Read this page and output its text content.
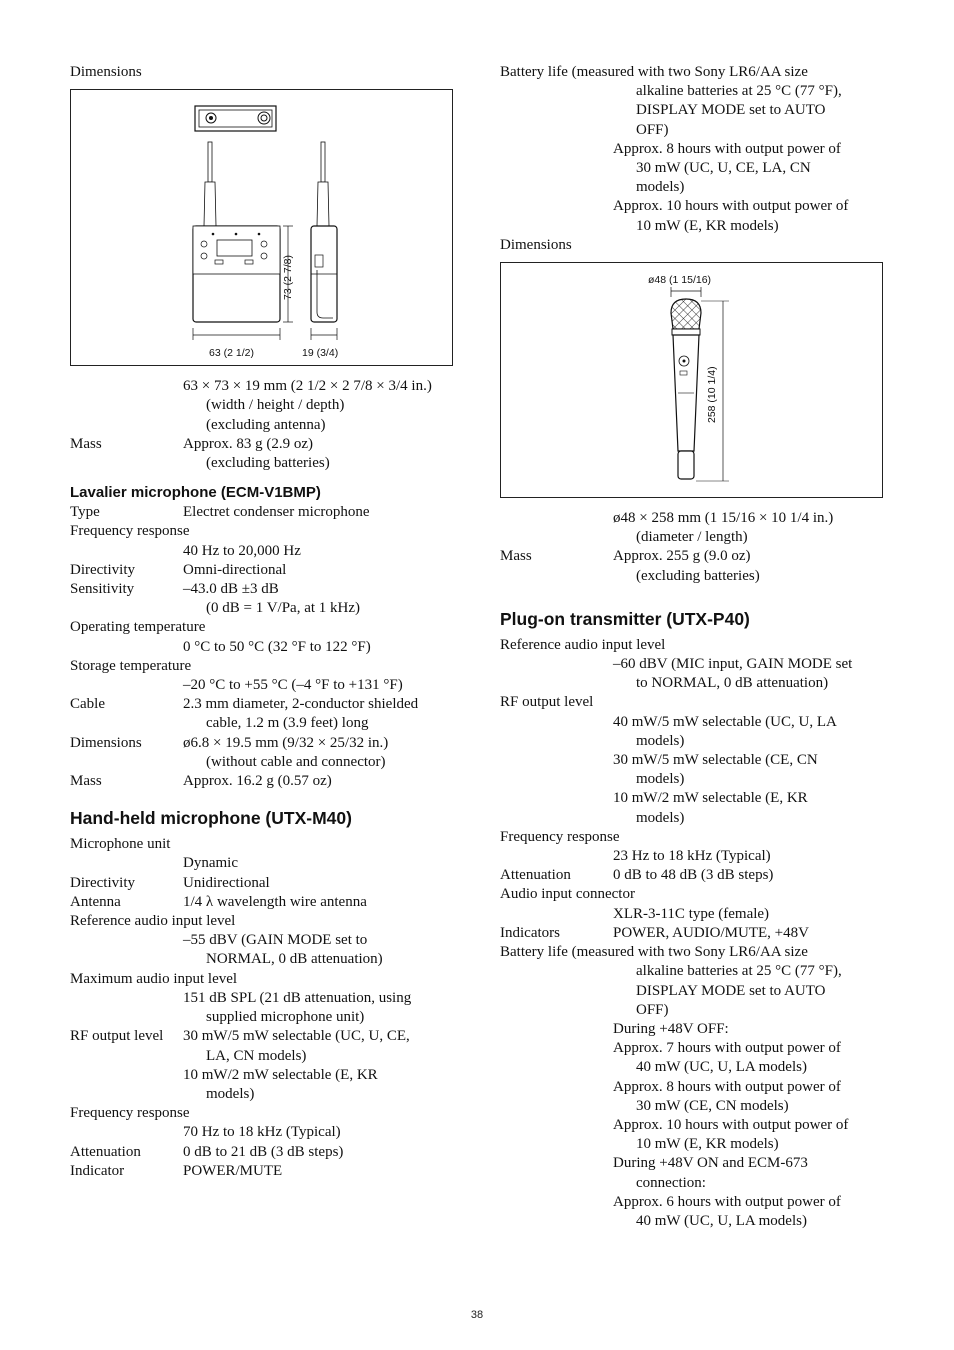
Dimensions
63 (2 1/2)	19 (3/4)
73 (2 7/8)
63 × 73 × 19 mm (2 1/2 × 2 7/8 × 3/4 in.)

(width / height / depth)

(excluding antenna)

Mass	Approx. 83 g (2.9 oz)
(excluding batteries)

Lavalier microphone (ECM-V1BMP)
Type	Electret condenser microphone
Frequency response
40 Hz to 20,000 Hz

Directivity	Omni-directional
Sensitivity	–43.0 dB ±3 dB
(0 dB = 1 V/Pa, at 1 kHz)

Operating temperature
0 °C to 50 °C (32 °F to 122 °F)

Storage temperature
–20 °C to +55 °C (–4 °F to +131 °F)

Cable	2.3 mm diameter, 2-conductor shielded
cable, 1.2 m (3.9 feet) long

Dimensions	ø6.8 × 19.5 mm (9/32 × 25/32 in.)
(without cable and connector)

Mass	Approx. 16.2 g (0.57 oz)
Hand-held microphone (UTX-M40)
Microphone unit
Dynamic

Directivity	Unidirectional
Antenna	1/4 λ wavelength wire antenna
Reference audio input level
–55 dBV (GAIN MODE set to

NORMAL, 0 dB attenuation)

Maximum audio input level
151 dB SPL (21 dB attenuation, using

supplied microphone unit)

RF output level 30 mW/5 mW selectable (UC, U, CE,
LA, CN models)

10 mW/2 mW selectable (E, KR

models)

Frequency response
70 Hz to 18 kHz (Typical)

Attenuation	0 dB to 21 dB (3 dB steps)
Indicator	POWER/MUTE
Battery life (measured with two Sony LR6/AA size
alkaline batteries at 25 °C (77 °F),

DISPLAY MODE set to AUTO

OFF)

Approx. 8 hours with output power of

30 mW (UC, U, CE, LA, CN

models)

Approx. 10 hours with output power of

10 mW (E, KR models)

Dimensions
ø48 (1 15/16)
258 (10 1/4)
ø48 × 258 mm (1 15/16 × 10 1/4 in.)

(diameter / length)

Mass	Approx. 255 g (9.0 oz)
(excluding batteries)

Plug-on transmitter (UTX-P40)
Reference audio input level
–60 dBV (MIC input, GAIN MODE set

to NORMAL, 0 dB attenuation)

RF output level
40 mW/5 mW selectable (UC, U, LA

models)

30 mW/5 mW selectable (CE, CN

models)

10 mW/2 mW selectable (E, KR

models)

Frequency response
23 Hz to 18 kHz (Typical)

Attenuation	0 dB to 48 dB (3 dB steps)
Audio input connector
XLR-3-11C type (female)

Indicators	POWER, AUDIO/MUTE, +48V
Battery life (measured with two Sony LR6/AA size
alkaline batteries at 25 °C (77 °F),

DISPLAY MODE set to AUTO

OFF)

During +48V OFF:

Approx. 7 hours with output power of

40 mW (UC, U, LA models)

Approx. 8 hours with output power of

30 mW (CE, CN models)

Approx. 10 hours with output power of

10 mW (E, KR models)

During +48V ON and ECM-673

connection:

Approx. 6 hours with output power of

40 mW (UC, U, LA models)

38
